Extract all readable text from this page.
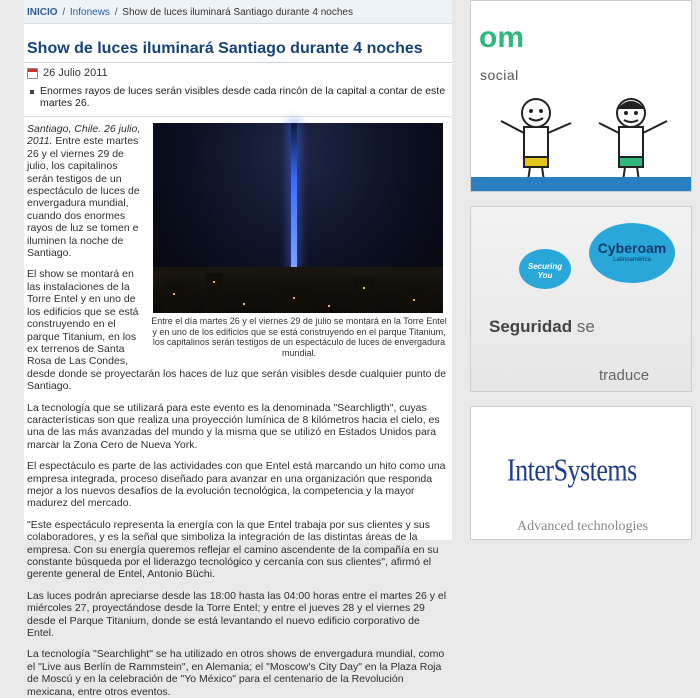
INICIO / Infonews / Show de luces iluminará Santiago durante 4 noches
Show de luces iluminará Santiago durante 4 noches
26 Julio 2011
Enormes rayos de luces serán visibles desde cada rincón de la capital a contar de este martes 26.
Entre el día martes 26 y el viernes 29 de julio se montará en la Torre Entel y en uno de los edificios que se está construyendo en el parque Titanium, los capitalinos serán testigos de un espectáculo de luces de envergadura mundial.

Santiago, Chile. 26 julio, 2011. Entre este martes 26 y el viernes 29 de julio, los capitalinos serán testigos de un espectáculo de luces de envergadura mundial, cuando dos enormes rayos de luz se tomen e iluminen la noche de Santiago.

El show se montará en las instalaciones de la Torre Entel y en uno de los edificios que se está construyendo en el parque Titanium, en los ex terrenos de Santa Rosa de Las Condes, desde donde se proyectarán los haces de luz que serán visibles desde cualquier punto de Santiago.

La tecnología que se utilizará para este evento es la denominada "Searchligth", cuyas características son que realiza una proyección lumínica de 8 kilómetros hacia el cielo, es una de las más avanzadas del mundo y la misma que se utilizó en Estados Unidos para marcar la Zona Cero de Nueva York.

El espectáculo es parte de las actividades con que Entel está marcando un hito como una empresa integrada, proceso diseñado para avanzar en una organización que responda mejor a los nuevos desafíos de la evolución tecnológica, la competencia y la mayor madurez del mercado.

"Este espectáculo representa la energía con la que Entel trabaja por sus clientes y sus colaboradores, y es la señal que simboliza la integración de las distintas áreas de la empresa. Con su energía queremos reflejar el camino ascendente de la compañía en su constante búsqueda por el liderazgo tecnológico y cercanía con sus clientes", afirmó el gerente general de Entel, Antonio Büchi.

Las luces podrán apreciarse desde las 18:00 hasta las 04:00 horas entre el martes 26 y el miércoles 27, proyectándose desde la Torre Entel; y entre el jueves 28 y el viernes 29 desde el Parque Titanium, donde se está levantando el nuevo edificio corporativo de Entel.

La tecnología "Searchlight" se ha utilizado en otros shows de envergadura mundial, como el "Live aus Berlín de Rammstein", en Alemania; el "Moscow's City Day" en la Plaza Roja de Moscú y en la celebración de "Yo México" para el centenario de la Revolución mexicana, entre otros eventos.

om
social
Securing You
Cyberoam
Latinoamérica
Seguridad se
traduce
InterSystems
Advanced technologies
